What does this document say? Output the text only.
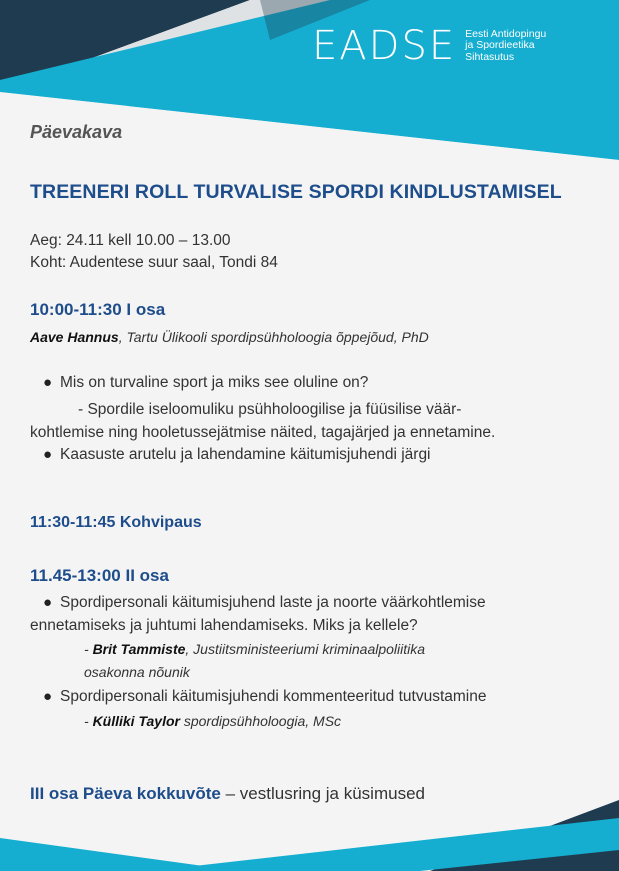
EADSE Eesti Antidopingu
ja Spordieetika
Sihtasutus
Päevakava
TREENERI ROLL TURVALISE SPORDI KINDLUSTAMISEL
Aeg: 24.11 kell 10.00 – 13.00
Koht: Audentese suur saal, Tondi 84
10:00-11:30 I osa
Aave Hannus, Tartu Ülikooli spordipsühholoogia õppejõud, PhD
● Mis on turvaline sport ja miks see oluline on?
- Spordile iseloomuliku psühholoogilise ja füüsilise väär-
kohtlemise ning hooletussejätmise näited, tagajärjed ja ennetamine.
● Kaasuste arutelu ja lahendamine käitumisjuhendi järgi
11:30-11:45 Kohvipaus
11.45-13:00 II osa
● Spordipersonali käitumisjuhend laste ja noorte väärkohtlemise
ennetamiseks ja juhtumi lahendamiseks. Miks ja kellele?
- Brit Tammiste, Justiitsministeeriumi kriminaalpoliitika
osakonna nõunik
● Spordipersonali käitumisjuhendi kommenteeritud tutvustamine
- Külliki Taylor spordipsühholoogia, MSc
III osa Päeva kokkuvõte – vestlusring ja küsimused
